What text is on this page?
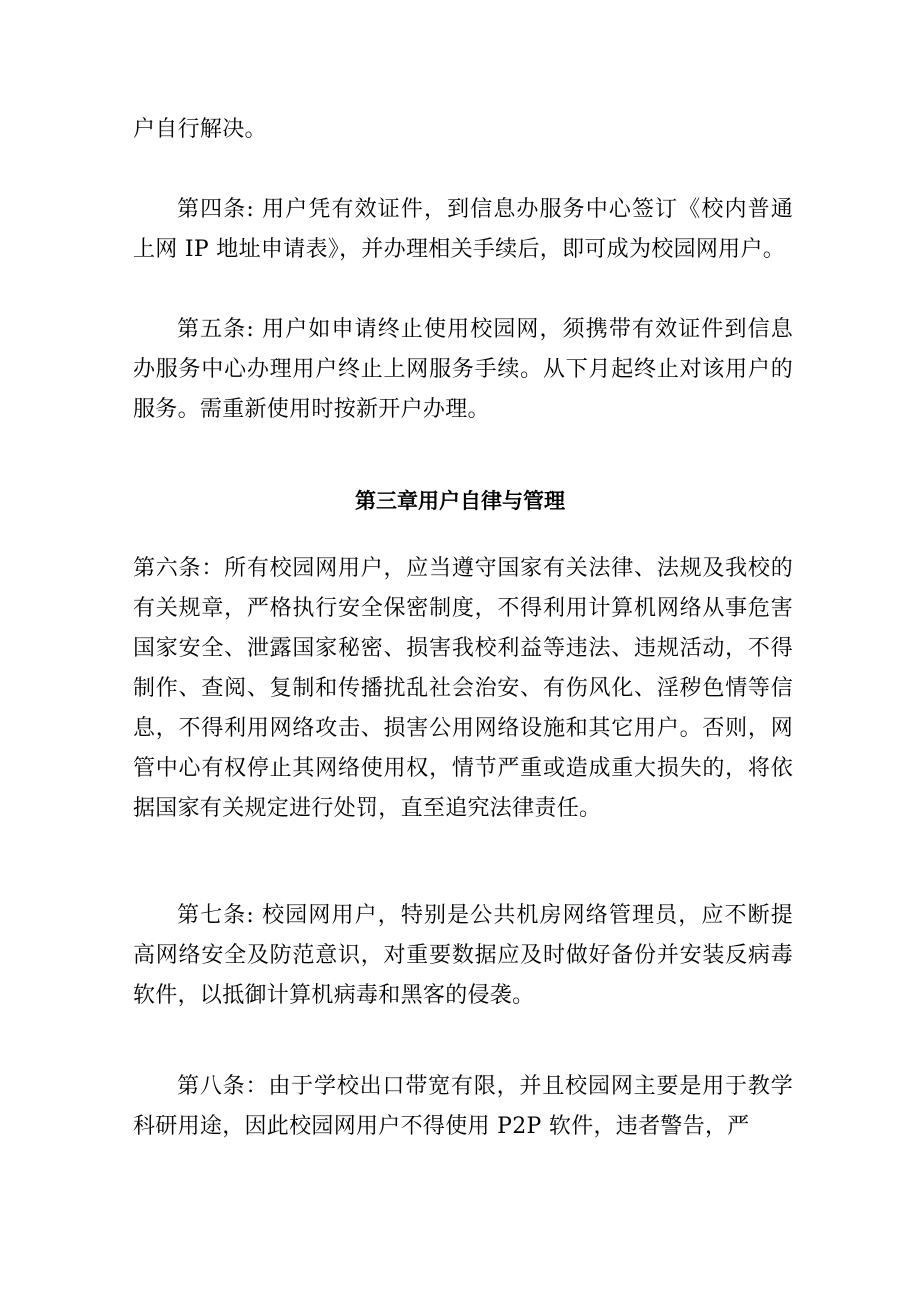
户自行解决。

第四条: 用户凭有效证件，到信息办服务中心签订《校内普通上网 IP 地址申请表》，并办理相关手续后，即可成为校园网用户。

第五条: 用户如申请终止使用校园网，须携带有效证件到信息办服务中心办理用户终止上网服务手续。从下月起终止对该用户的服务。需重新使用时按新开户办理。

第三章用户自律与管理

第六条：所有校园网用户，应当遵守国家有关法律、法规及我校的有关规章，严格执行安全保密制度，不得利用计算机网络从事危害国家安全、泄露国家秘密、损害我校利益等违法、违规活动，不得制作、查阅、复制和传播扰乱社会治安、有伤风化、淫秽色情等信息，不得利用网络攻击、损害公用网络设施和其它用户。否则，网管中心有权停止其网络使用权，情节严重或造成重大损失的，将依据国家有关规定进行处罚，直至追究法律责任。

第七条: 校园网用户，特别是公共机房网络管理员，应不断提高网络安全及防范意识，对重要数据应及时做好备份并安装反病毒软件，以抵御计算机病毒和黑客的侵袭。

第八条：由于学校出口带宽有限，并且校园网主要是用于教学科研用途，因此校园网用户不得使用 P2P 软件，违者警告，严
